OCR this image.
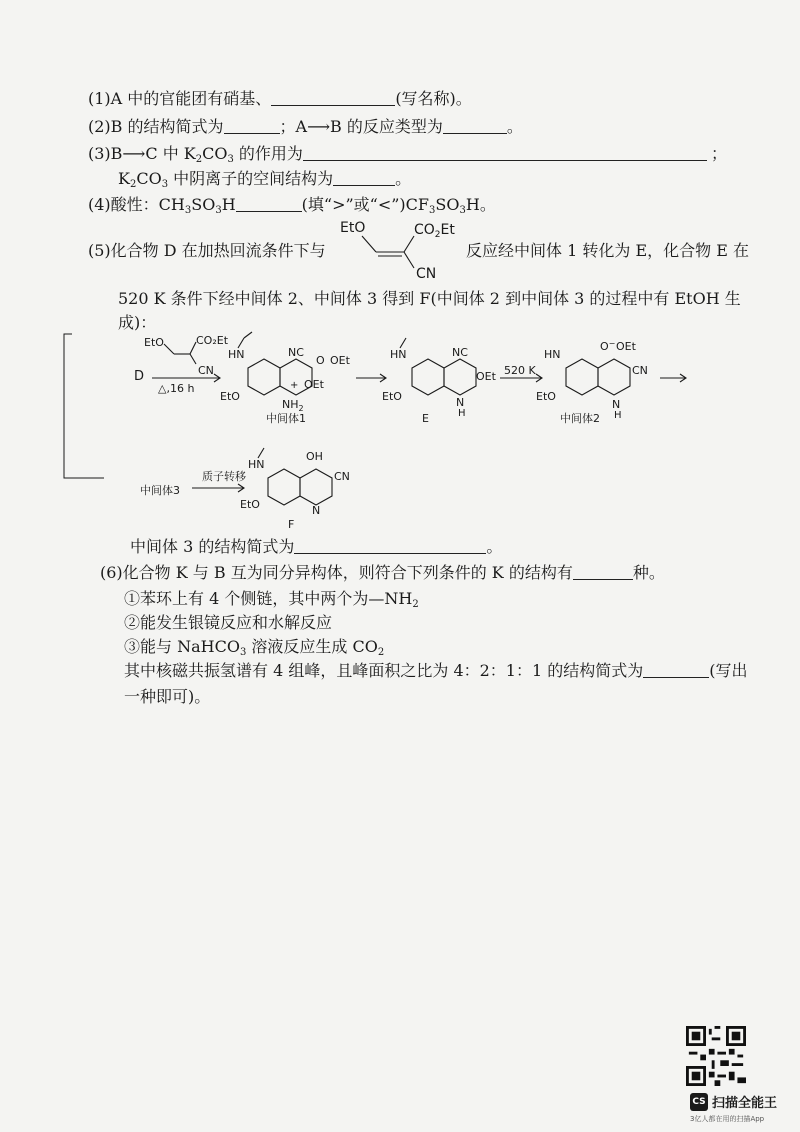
(1)A 中的官能团有硝基、	(写名称)。
(2)B 的结构简式为	；A⟶B 的反应类型为	。
(3)B⟶C 中 $K_2CO_3$ 的作用为	；
$K_2CO_3$ 中阴离子的空间结构为	。
(4)酸性：$CH_3SO_3H$	(填“>”或“$<”)CF_3SO_3H$。
(5)化合物 D 在加热回流条件下与
EtO	$CO_2Et$
CN
反应经中间体 1 转化为 E，化合物 E 在
520 K 条件下经中间体 2、中间体 3 得到 F(中间体 2 到中间体 3 的过程中有 EtOH 生
成)：
D
EtO	CO₂Et
CN
△,16 h
HN	NC
O OEt
OEt
+
$NH_2$
EtO
中间体1
HN	NC
OEt
N
H
EtO
E
520 K
HN
O− OEt
CN
N
H
EtO
中间体2
中间体3
质子转移
HN
OH
CN
N
EtO
F
中间体 3 的结构简式为	。
(6)化合物 K 与 B 互为同分异构体，则符合下列条件的 K 的结构有	种。
①苯环上有 4 个侧链，其中两个为$—NH_2$
②能发生银镜反应和水解反应
③能与 NaHCO$_3$ 溶液反应生成 $CO_2$
其中核磁共振氢谱有 4 组峰，且峰面积之比为 4：2：1：1 的结构简式为	(写出
一种即可)。
CS 扫描全能王
3亿人都在用的扫描App
